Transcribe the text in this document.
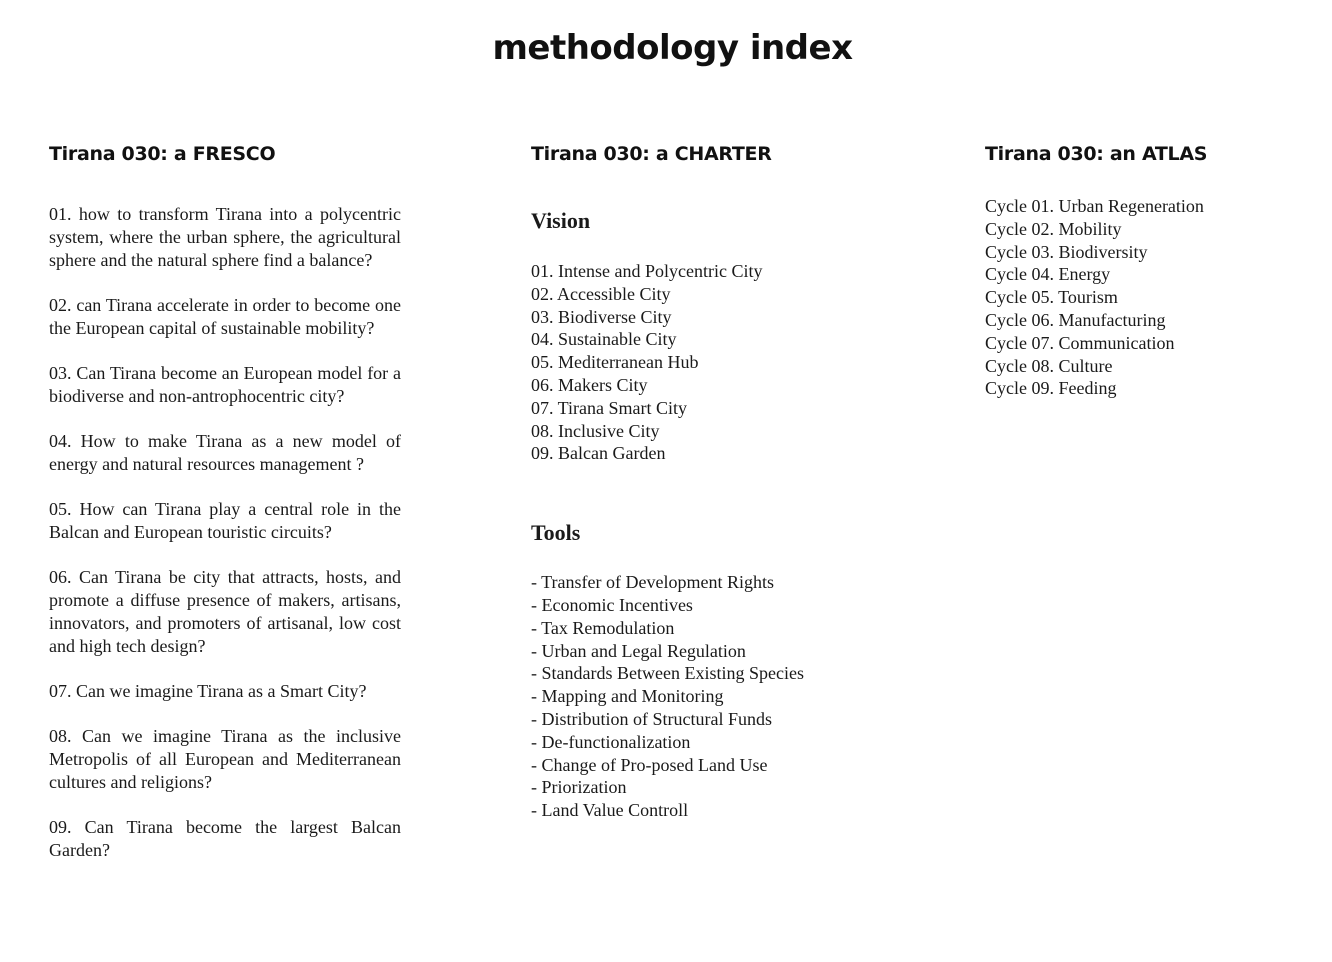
methodology index
Tirana 030: a FRESCO

01. how to transform Tirana into a polycentric system, where the urban sphere, the agricultural sphere and the natural sphere find a balance?

02. can Tirana accelerate in order to become one the European capital of sustainable mobility?

03. Can Tirana become an European model for a biodiverse and non-antrophocentric city?

04. How to make Tirana as a new model of energy and natural resources management ?

05. How can Tirana play a central role in the Balcan and European touristic circuits?

06. Can Tirana be city that attracts, hosts, and promote a diffuse presence of makers, artisans, innovators, and promoters of artisanal, low cost and high tech design?

07. Can we imagine Tirana as a Smart City?

08. Can we imagine Tirana as the inclusive Metropolis of all European and Mediterranean cultures and religions?

09. Can Tirana become the largest Balcan Garden?

Tirana 030: a CHARTER
Vision
01. Intense and Polycentric City
02. Accessible City
03. Biodiverse City
04. Sustainable City
05. Mediterranean Hub
06. Makers City
07. Tirana Smart City
08. Inclusive City
09. Balcan Garden
Tools
- Transfer of Development Rights
- Economic Incentives
- Tax Remodulation
- Urban and Legal Regulation
- Standards Between Existing Species
- Mapping and Monitoring
- Distribution of Structural Funds
- De-functionalization
- Change of Pro-posed Land Use
- Priorization
- Land Value Controll
Tirana 030: an ATLAS
Cycle 01. Urban Regeneration
Cycle 02. Mobility
Cycle 03. Biodiversity
Cycle 04. Energy
Cycle 05. Tourism
Cycle 06. Manufacturing
Cycle 07. Communication
Cycle 08. Culture
Cycle 09. Feeding
